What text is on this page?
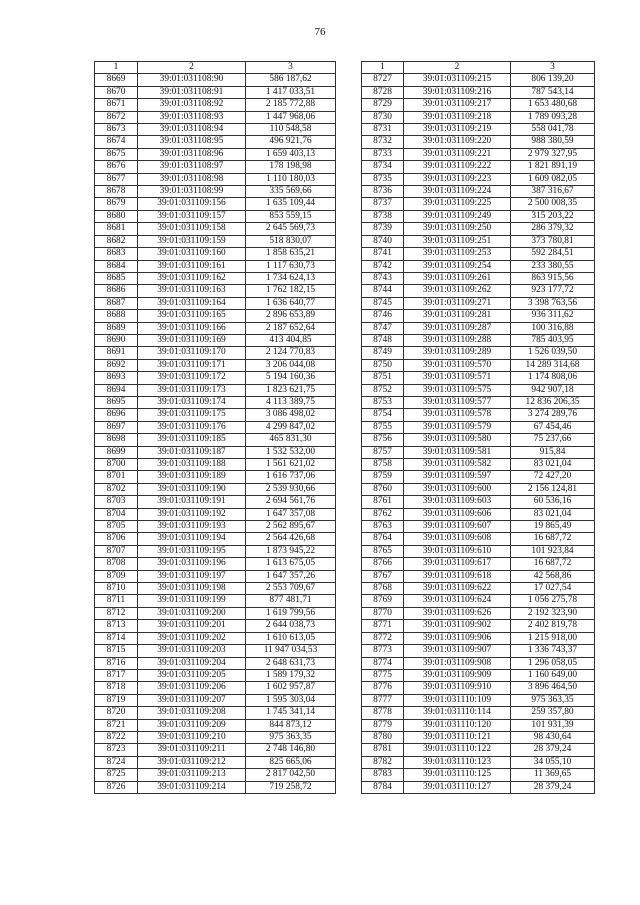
76
1	2	3
8669	39:01:031108:90	586 187,62
8670	39:01:031108:91	1 417 033,51
8671	39:01:031108:92	2 185 772,88
8672	39:01:031108:93	1 447 968,06
8673	39:01:031108:94	110 548,58
8674	39:01:031108:95	496 921,76
8675	39:01:031108:96	1 659 403,13
8676	39:01:031108:97	178 198,98
8677	39:01:031108:98	1 110 180,03
8678	39:01:031108:99	335 569,66
8679	39:01:031109:156	1 635 109,44
8680	39:01:031109:157	853 559,15
8681	39:01:031109:158	2 645 569,73
8682	39:01:031109:159	518 830,07
8683	39:01:031109:160	1 858 635,21
8684	39:01:031109:161	1 117 630,73
8685	39:01:031109:162	1 734 624,13
8686	39:01:031109:163	1 762 182,15
8687	39:01:031109:164	1 636 640,77
8688	39:01:031109:165	2 896 653,89
8689	39:01:031109:166	2 187 652,64
8690	39:01:031109:169	413 404,85
8691	39:01:031109:170	2 124 770,83
8692	39:01:031109:171	3 206 044,08
8693	39:01:031109:172	5 194 160,36
8694	39:01:031109:173	1 823 621,75
8695	39:01:031109:174	4 113 389,75
8696	39:01:031109:175	3 086 498,02
8697	39:01:031109:176	4 299 847,02
8698	39:01:031109:185	465 831,30
8699	39:01:031109:187	1 532 532,00
8700	39:01:031109:188	1 561 621,02
8701	39:01:031109:189	1 616 737,06
8702	39:01:031109:190	2 539 930,66
8703	39:01:031109:191	2 694 561,76
8704	39:01:031109:192	1 647 357,08
8705	39:01:031109:193	2 562 895,67
8706	39:01:031109:194	2 564 426,68
8707	39:01:031109:195	1 873 945,22
8708	39:01:031109:196	1 613 675,05
8709	39:01:031109:197	1 647 357,26
8710	39:01:031109:198	2 553 709,67
8711	39:01:031109:199	877 481,71
8712	39:01:031109:200	1 619 799,56
8713	39:01:031109:201	2 644 038,73
8714	39:01:031109:202	1 610 613,05
8715	39:01:031109:203	11 947 034,53
8716	39:01:031109:204	2 648 631,73
8717	39:01:031109:205	1 589 179,32
8718	39:01:031109:206	1 602 957,87
8719	39:01:031109:207	1 595 303,04
8720	39:01:031109:208	1 745 341,14
8721	39:01:031109:209	844 873,12
8722	39:01:031109:210	975 363,35
8723	39:01:031109:211	2 748 146,80
8724	39:01:031109:212	825 665,06
8725	39:01:031109:213	2 817 042,50
8726	39:01:031109:214	719 258,72
1	2	3
8727	39:01:031109:215	806 139,20
8728	39:01:031109:216	787 543,14
8729	39:01:031109:217	1 653 480,68
8730	39:01:031109:218	1 789 093,28
8731	39:01:031109:219	558 041,78
8732	39:01:031109:220	988 380,59
8733	39:01:031109:221	2 979 327,95
8734	39:01:031109:222	1 821 891,19
8735	39:01:031109:223	1 609 082,05
8736	39:01:031109:224	387 316,67
8737	39:01:031109:225	2 500 008,35
8738	39:01:031109:249	315 203,22
8739	39:01:031109:250	286 379,32
8740	39:01:031109:251	373 780,81
8741	39:01:031109:253	592 284,51
8742	39:01:031109:254	233 380,55
8743	39:01:031109:261	863 915,56
8744	39:01:031109:262	923 177,72
8745	39:01:031109:271	3 398 763,56
8746	39:01:031109:281	936 311,62
8747	39:01:031109:287	100 316,88
8748	39:01:031109:288	785 403,95
8749	39:01:031109:289	1 526 039,50
8750	39:01:031109:570	14 289 314,68
8751	39:01:031109:571	1 174 808,06
8752	39:01:031109:575	942 907,18
8753	39:01:031109:577	12 836 206,35
8754	39:01:031109:578	3 274 289,76
8755	39:01:031109:579	67 454,46
8756	39:01:031109:580	75 237,66
8757	39:01:031109:581	915,84
8758	39:01:031109:582	83 021,04
8759	39:01:031109:597	72 427,20
8760	39:01:031109:600	2 156 124,81
8761	39:01:031109:603	60 536,16
8762	39:01:031109:606	83 021,04
8763	39:01:031109:607	19 865,49
8764	39:01:031109:608	16 687,72
8765	39:01:031109:610	101 923,84
8766	39:01:031109:617	16 687,72
8767	39:01:031109:618	42 568,86
8768	39:01:031109:622	17 027,54
8769	39:01:031109:624	1 056 275,78
8770	39:01:031109:626	2 192 323,90
8771	39:01:031109:902	2 402 819,78
8772	39:01:031109:906	1 215 918,00
8773	39:01:031109:907	1 336 743,37
8774	39:01:031109:908	1 296 058,05
8775	39:01:031109:909	1 160 649,00
8776	39:01:031109:910	3 896 464,50
8777	39:01:031110:109	975 363,35
8778	39:01:031110:114	259 357,80
8779	39:01:031110:120	101 931,39
8780	39:01:031110:121	98 430,64
8781	39:01:031110:122	28 379,24
8782	39:01:031110:123	34 055,10
8783	39:01:031110:125	11 369,65
8784	39:01:031110:127	28 379,24
